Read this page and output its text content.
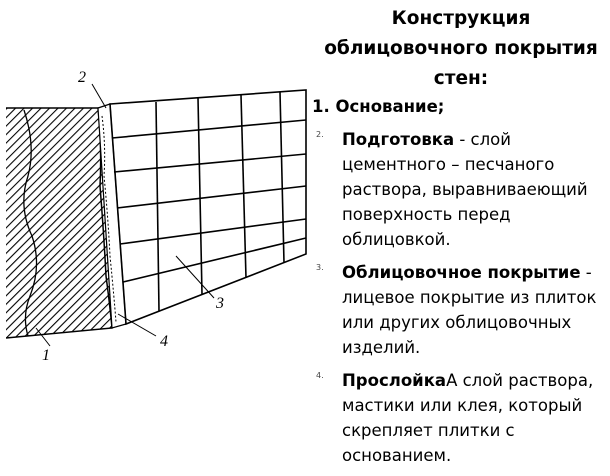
2
3
4
1
Конструкция облицовочного покрытия стен:
1. Основание;
2. Подготовка - слой цементного – песчаного раствора, выравниваеющий поверхность перед облицовкой.
3. Облицовочное покрытие - лицевое покрытие из плиток или других облицовочных изделий.
4. ПрослойкаА слой раствора, мастики или клея, который скрепляет плитки с основанием.
